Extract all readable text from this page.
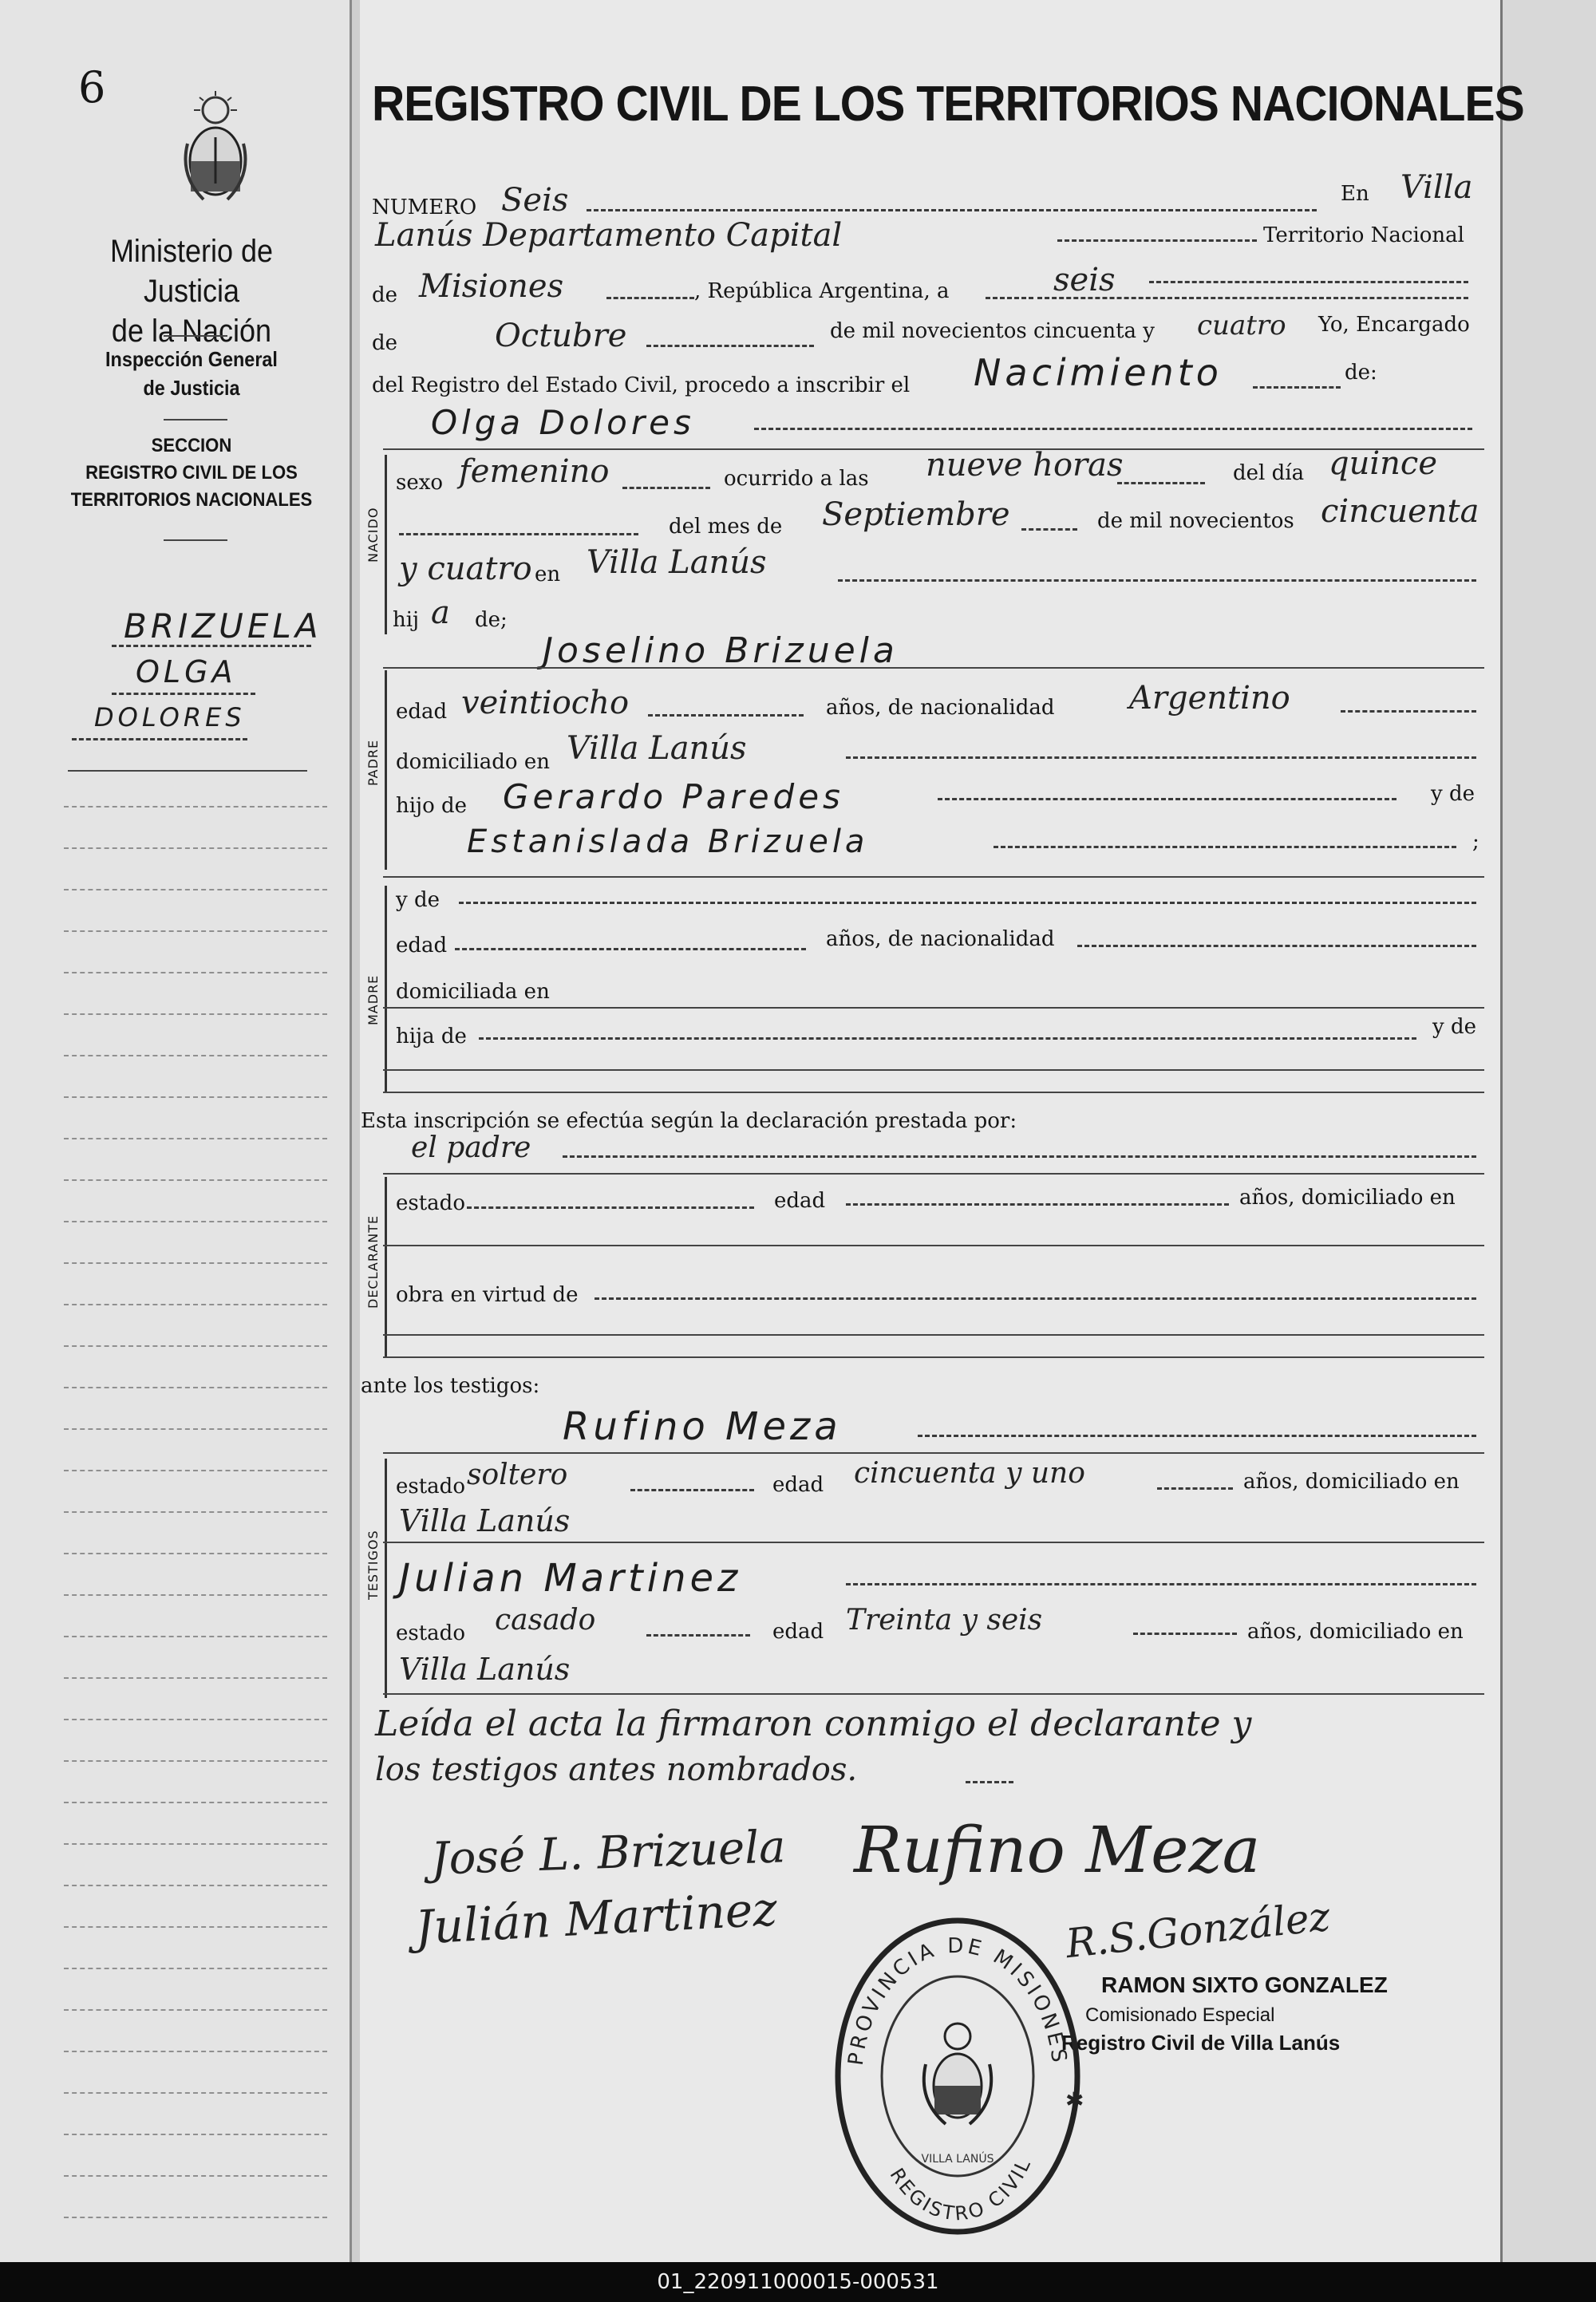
6
Ministerio de Justicia
de la Nación
Inspección General
de Justicia
SECCION
REGISTRO CIVIL DE LOS
TERRITORIOS NACIONALES
BRIZUELA
OLGA
DOLORES
REGISTRO CIVIL DE LOS TERRITORIOS NACIONALES
NUMERO Seis	En Villa
Lanús Departamento Capital	Territorio Nacional
de Misiones	, República Argentina, a	seis
de	Octubre	de mil novecientos cincuenta y cuatro Yo, Encargado
del Registro del Estado Civil, procedo a inscribir el Nacimiento	de:
Olga Dolores
NACIDO
sexo femenino	ocurrido a las nueve horas	del día quince
del mes de Septiembre	de mil novecientos cincuenta
y cuatro en Villa Lanús
hij a de;
Joselino Brizuela
PADRE
edad veintiocho	años, de nacionalidad Argentino
domiciliado en Villa Lanús
hijo de Gerardo Paredes	y de
Estanislada Brizuela	;
MADRE
y de
edad	años, de nacionalidad
domiciliada en
hija de	y de
Esta inscripción se efectúa según la declaración prestada por:
el padre
DECLARANTE
estado	edad	años, domiciliado en
obra en virtud de
ante los testigos:
Rufino Meza
TESTIGOS
estado soltero	edad cincuenta y uno	años, domiciliado en
Villa Lanús
Julian Martinez
estado casado	edad Treinta y seis	años, domiciliado en
Villa Lanús
Leída el acta la firmaron conmigo el declarante y
los testigos antes nombrados.
José L. Brizuela Rufino Meza
Julián Martinez	R.S.González
RAMON SIXTO GONZALEZ
Comisionado Especial
Registro Civil de Villa Lanús
PROVINCIA DE MISIONES
REGISTRO CIVIL
VILLA LANÚS
✱
01_220911000015-000531
